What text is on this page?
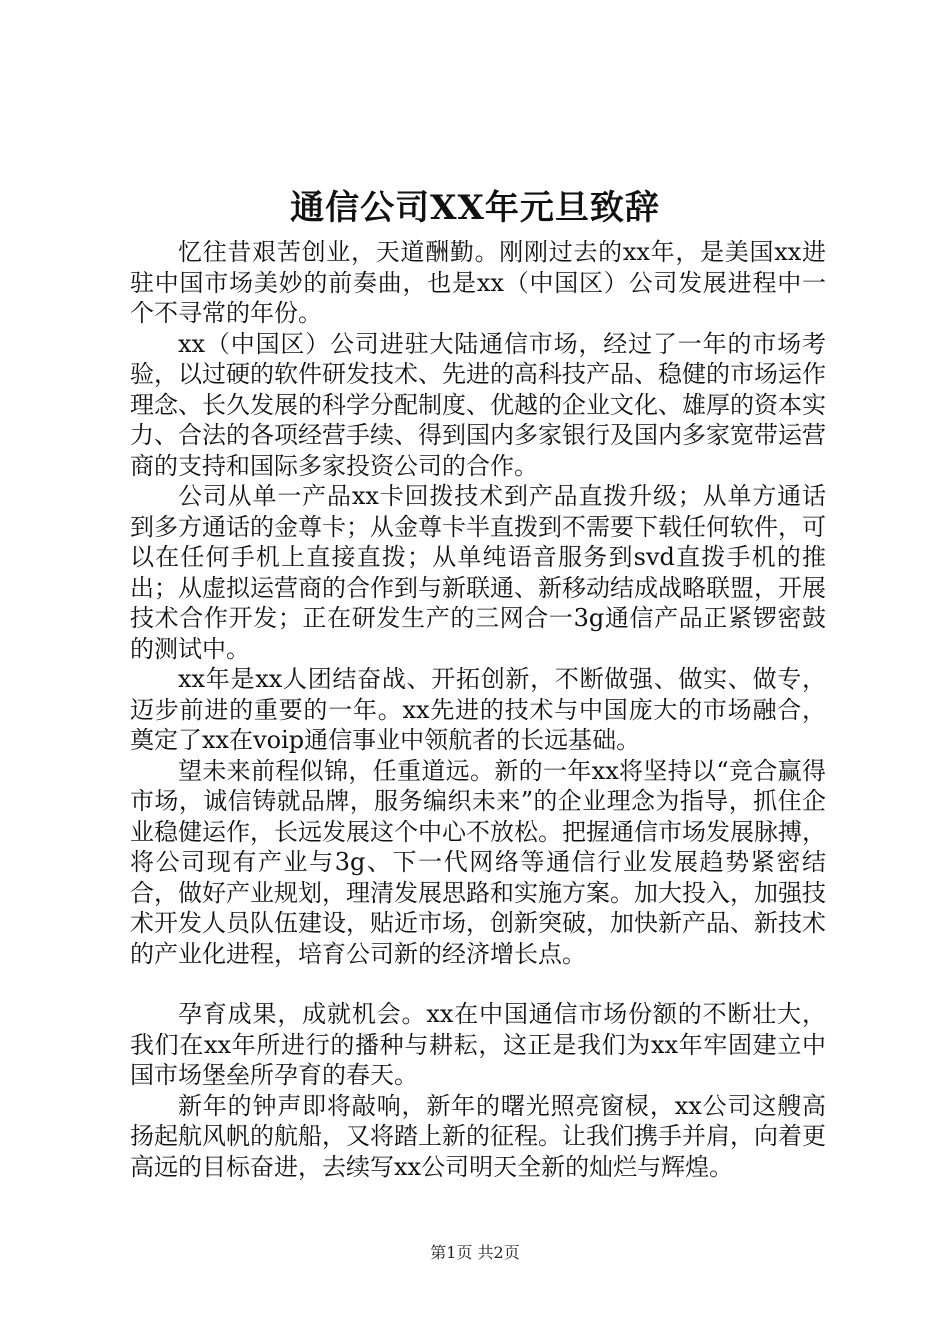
通信公司XX年元旦致辞

忆往昔艰苦创业，天道酬勤。刚刚过去的xx年，是美国xx进驻中国市场美妙的前奏曲，也是xx（中国区）公司发展进程中一个不寻常的年份。

xx（中国区）公司进驻大陆通信市场，经过了一年的市场考验，以过硬的软件研发技术、先进的高科技产品、稳健的市场运作理念、长久发展的科学分配制度、优越的企业文化、雄厚的资本实力、合法的各项经营手续、得到国内多家银行及国内多家宽带运营商的支持和国际多家投资公司的合作。

公司从单一产品xx卡回拨技术到产品直拨升级；从单方通话到多方通话的金尊卡；从金尊卡半直拨到不需要下载任何软件，可以在任何手机上直接直拨；从单纯语音服务到svd直拨手机的推出；从虚拟运营商的合作到与新联通、新移动结成战略联盟，开展技术合作开发；正在研发生产的三网合一3g通信产品正紧锣密鼓的测试中。

xx年是xx人团结奋战、开拓创新，不断做强、做实、做专，迈步前进的重要的一年。xx先进的技术与中国庞大的市场融合，奠定了xx在voip通信事业中领航者的长远基础。

望未来前程似锦，任重道远。新的一年xx将坚持以“竞合赢得市场，诚信铸就品牌，服务编织未来”的企业理念为指导，抓住企业稳健运作，长远发展这个中心不放松。把握通信市场发展脉搏，将公司现有产业与3g、下一代网络等通信行业发展趋势紧密结合，做好产业规划，理清发展思路和实施方案。加大投入，加强技术开发人员队伍建设，贴近市场，创新突破，加快新产品、新技术的产业化进程，培育公司新的经济增长点。

孕育成果，成就机会。xx在中国通信市场份额的不断壮大，我们在xx年所进行的播种与耕耘，这正是我们为xx年牢固建立中国市场堡垒所孕育的春天。

新年的钟声即将敲响，新年的曙光照亮窗棂，xx公司这艘高扬起航风帆的航船，又将踏上新的征程。让我们携手并肩，向着更高远的目标奋进，去续写xx公司明天全新的灿烂与辉煌。

第1页 共2页
